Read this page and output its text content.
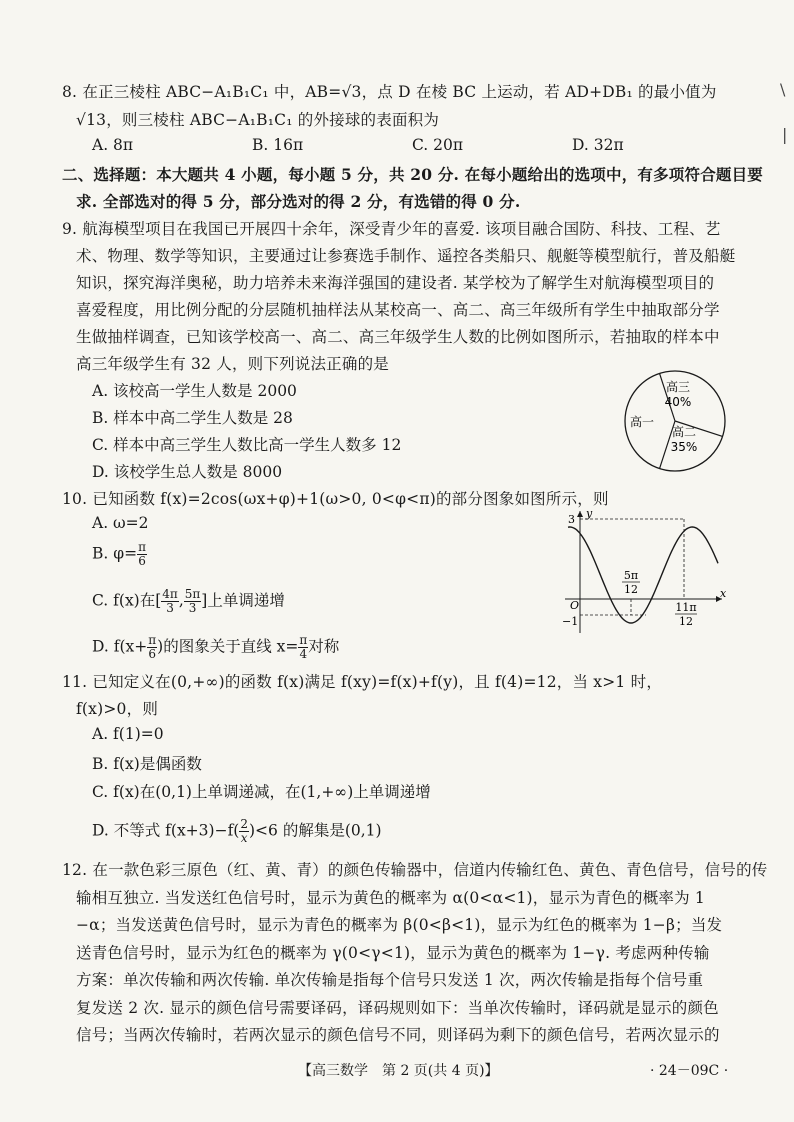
\
|
8. 在正三棱柱 ABC−A₁B₁C₁ 中，AB=√3，点 D 在棱 BC 上运动，若 AD+DB₁ 的最小值为
√13，则三棱柱 ABC−A₁B₁C₁ 的外接球的表面积为
A. 8π	B. 16π	C. 20π	D. 32π
二、选择题：本大题共 4 小题，每小题 5 分，共 20 分. 在每小题给出的选项中，有多项符合题目要
求. 全部选对的得 5 分，部分选对的得 2 分，有选错的得 0 分.
9. 航海模型项目在我国已开展四十余年，深受青少年的喜爱. 该项目融合国防、科技、工程、艺
术、物理、数学等知识，主要通过让参赛选手制作、遥控各类船只、舰艇等模型航行，普及船艇
知识，探究海洋奥秘，助力培养未来海洋强国的建设者. 某学校为了解学生对航海模型项目的
喜爱程度，用比例分配的分层随机抽样法从某校高一、高二、高三年级所有学生中抽取部分学
生做抽样调查，已知该学校高一、高二、高三年级学生人数的比例如图所示，若抽取的样本中
高三年级学生有 32 人，则下列说法正确的是
A. 该校高一学生人数是 2000
B. 样本中高二学生人数是 28
C. 样本中高三学生人数比高一学生人数多 12
D. 该校学生总人数是 8000
高三
40%
高二
35%
高一
10. 已知函数 f(x)=2cos(ωx+φ)+1(ω>0, 0<φ<π)的部分图象如图所示，则
A. ω=2
B. $\varphi= \frac{\pi}{6}$
C. f(x)在[ $\frac{4\pi}{3}$ , $\frac{5\pi}{3}$ ]上单调递增
D. $f(x+ \frac{\pi}{6}$ )的图象关于直线 $x= \frac{\pi}{4}$ 对称
3 y
O
−1
x
5π
12
11π
12
11. 已知定义在(0,+∞)的函数 f(x)满足 f(xy)=f(x)+f(y)，且 f(4)=12，当 x>1 时，
f(x)>0，则
A. f(1)=0
B. f(x)是偶函数
C. f(x)在(0,1)上单调递减，在(1,+∞)上单调递增
D. 不等式 $f(x+3)-f( \frac{2}{x} )<6$ 的解集是(0,1)
12. 在一款色彩三原色（红、黄、青）的颜色传输器中，信道内传输红色、黄色、青色信号，信号的传
输相互独立. 当发送红色信号时，显示为黄色的概率为 α(0<α<1)，显示为青色的概率为 1
−α；当发送黄色信号时，显示为青色的概率为 β(0<β<1)，显示为红色的概率为 1−β；当发
送青色信号时，显示为红色的概率为 γ(0<γ<1)，显示为黄色的概率为 1−γ. 考虑两种传输
方案：单次传输和两次传输. 单次传输是指每个信号只发送 1 次，两次传输是指每个信号重
复发送 2 次. 显示的颜色信号需要译码，译码规则如下：当单次传输时，译码就是显示的颜色
信号；当两次传输时，若两次显示的颜色信号不同，则译码为剩下的颜色信号，若两次显示的
【高三数学　第 2 页(共 4 页)】	· 24－09C ·
